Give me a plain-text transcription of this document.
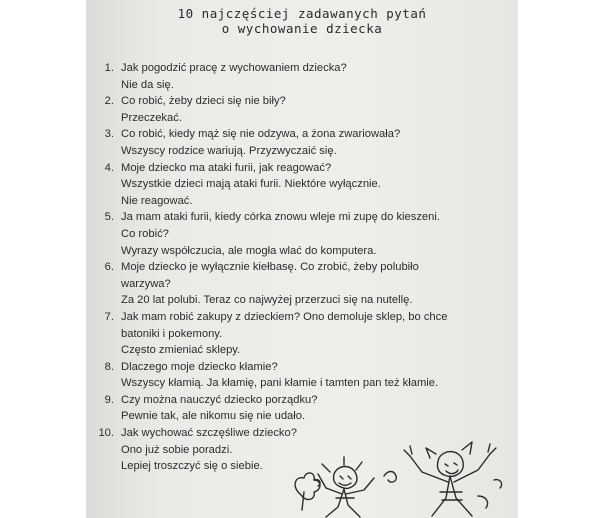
10 najczęściej zadawanych pytań
o wychowanie dziecka
1. Jak pogodzić pracę z wychowaniem dziecka?
Nie da się.
2. Co robić, żeby dzieci się nie biły?
Przeczekać.
3. Co robić, kiedy mąż się nie odzywa, a żona zwariowała?
Wszyscy rodzice wariują. Przyzwyczaić się.
4. Moje dziecko ma ataki furii, jak reagować?
Wszystkie dzieci mają ataki furii. Niektóre wyłącznie.
Nie reagować.
5. Ja mam ataki furii, kiedy córka znowu wleje mi zupę do kieszeni.
Co robić?
Wyrazy współczucia, ale mogła wlać do komputera.
6. Moje dziecko je wyłącznie kiełbasę. Co zrobić, żeby polubiło
warzywa?
Za 20 lat polubi. Teraz co najwyżej przerzuci się na nutellę.
7. Jak mam robić zakupy z dzieckiem? Ono demoluje sklep, bo chce
batoniki i pokemony.
Często zmieniać sklepy.
8. Dlaczego moje dziecko kłamie?
Wszyscy kłamią. Ja kłamię, pani kłamie i tamten pan też kłamie.
9. Czy można nauczyć dziecko porządku?
Pewnie tak, ale nikomu się nie udało.
10. Jak wychować szczęśliwe dziecko?
Ono już sobie poradzi.
Lepiej troszczyć się o siebie.
